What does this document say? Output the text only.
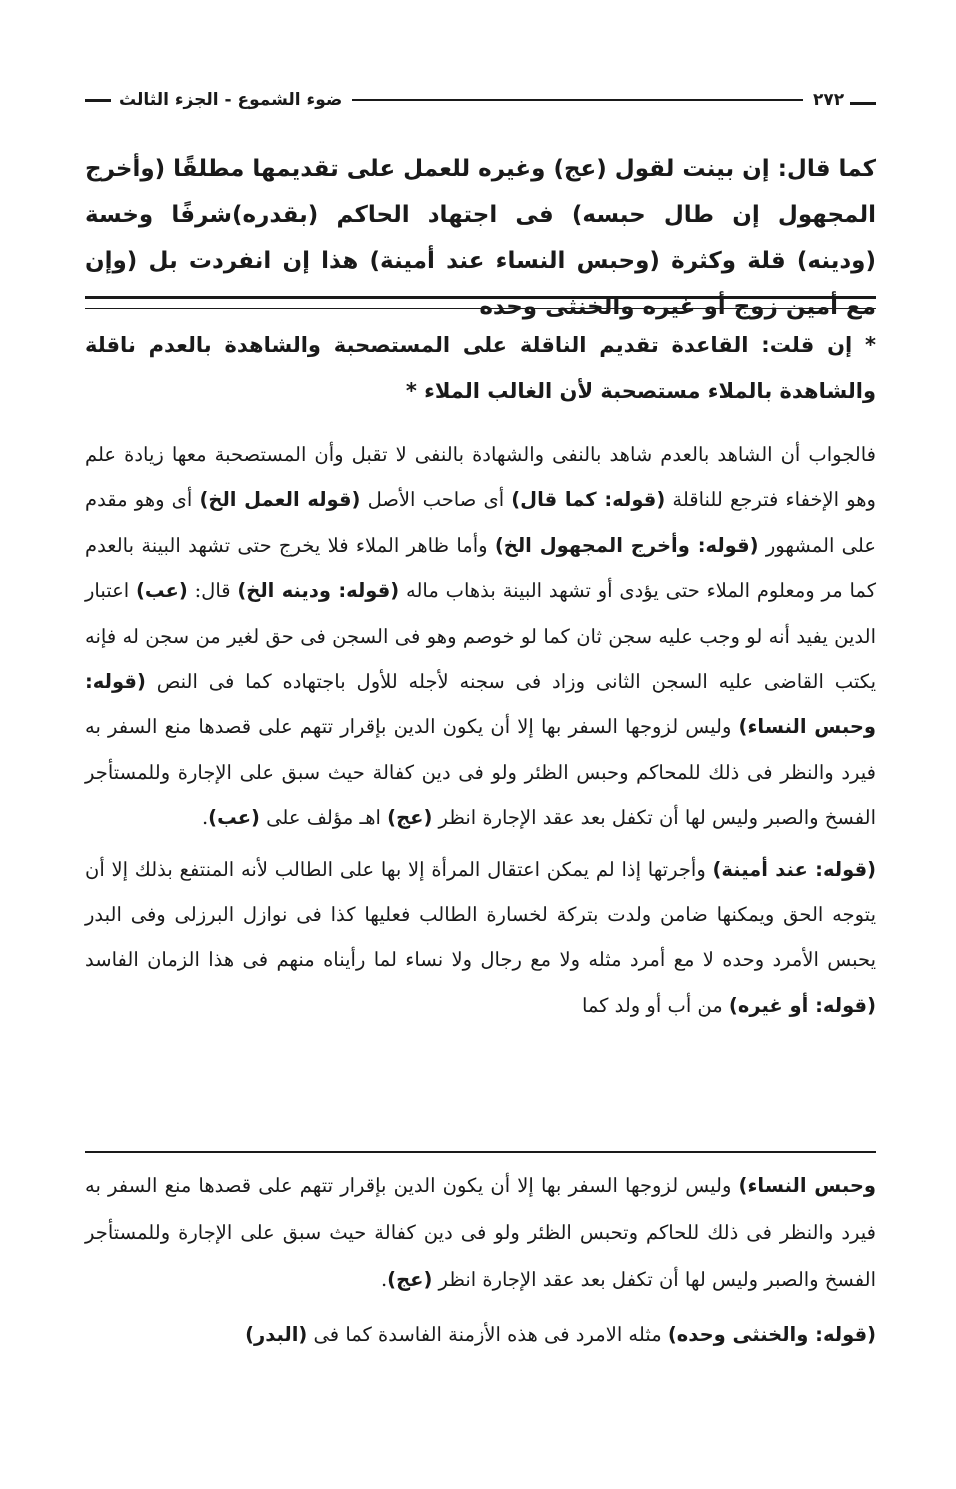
٢٧٢
ضوء الشموع - الجزء الثالث
كما قال: إن بينت لقول (عج) وغيره للعمل على تقديمها مطلقًا (وأخرج المجهول إن طال حبسه) فى اجتهاد الحاكم (بقدره)شرفًا وخسة (ودينه) قلة وكثرة (وحبس النساء عند أمينة) هذا إن انفردت بل (وإن مع أمين زوج أو غيره والخنثى وحده
* إن قلت: القاعدة تقديم الناقلة على المستصحبة والشاهدة بالعدم ناقلة والشاهدة بالملاء مستصحبة لأن الغالب الملاء *

فالجواب أن الشاهد بالعدم شاهد بالنفى والشهادة بالنفى لا تقبل وأن المستصحبة معها زيادة علم وهو الإخفاء فترجع للناقلة (قوله: كما قال) أى صاحب الأصل (قوله العمل الخ) أى وهو مقدم على المشهور (قوله: وأخرج المجهول الخ) وأما ظاهر الملاء فلا يخرج حتى تشهد البينة بالعدم كما مر ومعلوم الملاء حتى يؤدى أو تشهد البينة بذهاب ماله (قوله: ودينه الخ) قال: (عب) اعتبار الدين يفيد أنه لو وجب عليه سجن ثان كما لو خوصم وهو فى السجن فى حق لغير من سجن له فإنه يكتب القاضى عليه السجن الثانى وزاد فى سجنه لأجله للأول باجتهاده كما فى النص (قوله: وحبس النساء) وليس لزوجها السفر بها إلا أن يكون الدين بإقرار تتهم على قصدها منع السفر به فيرد والنظر فى ذلك للمحاكم وحبس الظئر ولو فى دين كفالة حيث سبق على الإجارة وللمستأجر الفسخ والصبر وليس لها أن تكفل بعد عقد الإجارة انظر (عج) اهـ مؤلف على (عب).

(قوله: عند أمينة) وأجرتها إذا لم يمكن اعتقال المرأة إلا بها على الطالب لأنه المنتفع بذلك إلا أن يتوجه الحق ويمكنها ضامن ولدت بتركة لخسارة الطالب فعليها كذا فى نوازل البرزلى وفى البدر يحبس الأمرد وحده لا مع أمرد مثله ولا مع رجال ولا نساء لما رأيناه منهم فى هذا الزمان الفاسد (قوله: أو غيره) من أب أو ولد كما

وحبس النساء) وليس لزوجها السفر بها إلا أن يكون الدين بإقرار تتهم على قصدها منع السفر به فيرد والنظر فى ذلك للحاكم وتحبس الظئر ولو فى دين كفالة حيث سبق على الإجارة وللمستأجر الفسخ والصبر وليس لها أن تكفل بعد عقد الإجارة انظر (عج).

(قوله: والخنثى وحده) مثله الامرد فى هذه الأزمنة الفاسدة كما فى (البدر)
